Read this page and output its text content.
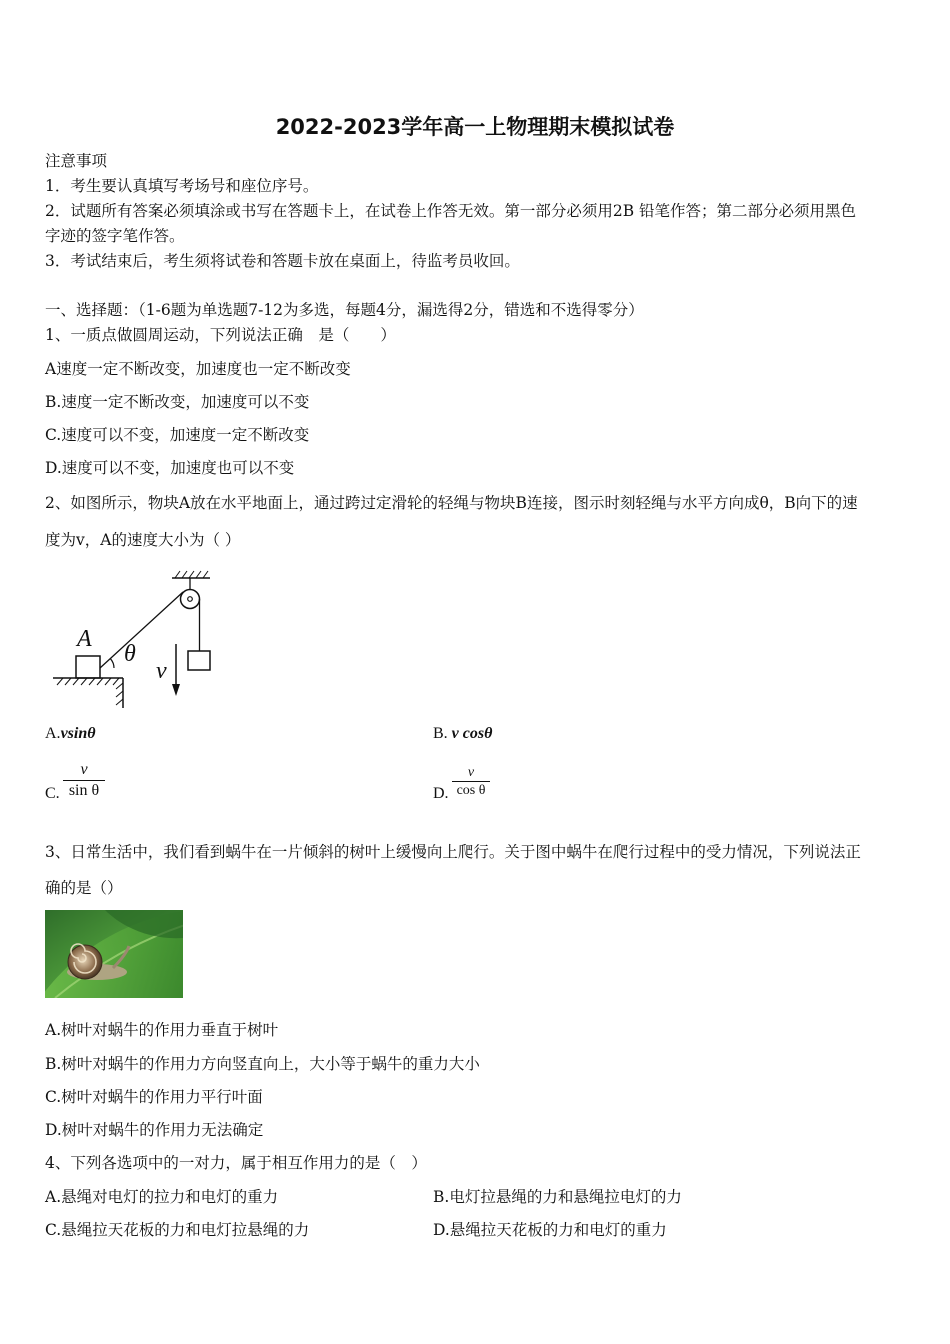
2022-2023学年高一上物理期末模拟试卷
注意事项
1．考生要认真填写考场号和座位序号。
2．试题所有答案必须填涂或书写在答题卡上，在试卷上作答无效。第一部分必须用2B 铅笔作答；第二部分必须用黑色
字迹的签字笔作答。
3．考试结束后，考生须将试卷和答题卡放在桌面上，待监考员收回。
一、选择题：（1-6题为单选题7-12为多选，每题4分，漏选得2分，错选和不选得零分）
1、一质点做圆周运动，下列说法正确　是（　　）
A速度一定不断改变，加速度也一定不断改变
B.速度一定不断改变，加速度可以不变
C.速度可以不变，加速度一定不断改变
D.速度可以不变，加速度也可以不变
2、如图所示，物块A放在水平地面上，通过跨过定滑轮的轻绳与物块B连接，图示时刻轻绳与水平方向成θ，B向下的速
度为v，A的速度大小为（ ）
A
θ
v
A.vsinθ	B. v cosθ
C.
v
sin θ	D.
v
cos θ
3、日常生活中，我们看到蜗牛在一片倾斜的树叶上缓慢向上爬行。关于图中蜗牛在爬行过程中的受力情况，下列说法正
确的是（）
A.树叶对蜗牛的作用力垂直于树叶
B.树叶对蜗牛的作用力方向竖直向上，大小等于蜗牛的重力大小
C.树叶对蜗牛的作用力平行叶面
D.树叶对蜗牛的作用力无法确定
4、下列各选项中的一对力，属于相互作用力的是（　）
A.悬绳对电灯的拉力和电灯的重力	B.电灯拉悬绳的力和悬绳拉电灯的力
C.悬绳拉天花板的力和电灯拉悬绳的力	D.悬绳拉天花板的力和电灯的重力
